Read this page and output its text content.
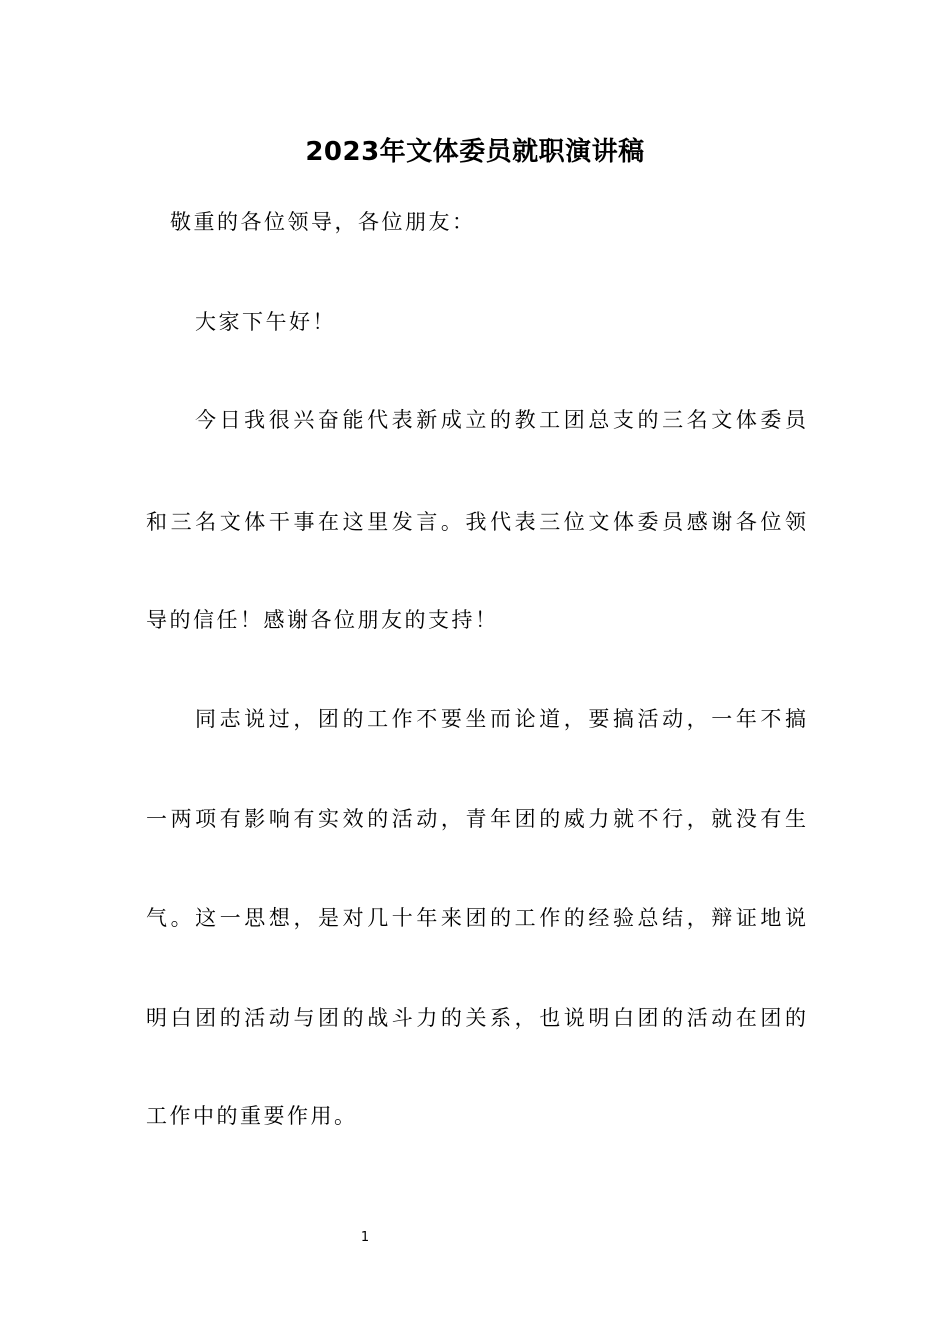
2023年文体委员就职演讲稿
敬重的各位领导，各位朋友：
大家下午好！
今日我很兴奋能代表新成立的教工团总支的三名文体委员
和三名文体干事在这里发言。我代表三位文体委员感谢各位领
导的信任！感谢各位朋友的支持！
同志说过，团的工作不要坐而论道，要搞活动，一年不搞
一两项有影响有实效的活动，青年团的威力就不行，就没有生
气。这一思想，是对几十年来团的工作的经验总结，辩证地说
明白团的活动与团的战斗力的关系，也说明白团的活动在团的
工作中的重要作用。
1
